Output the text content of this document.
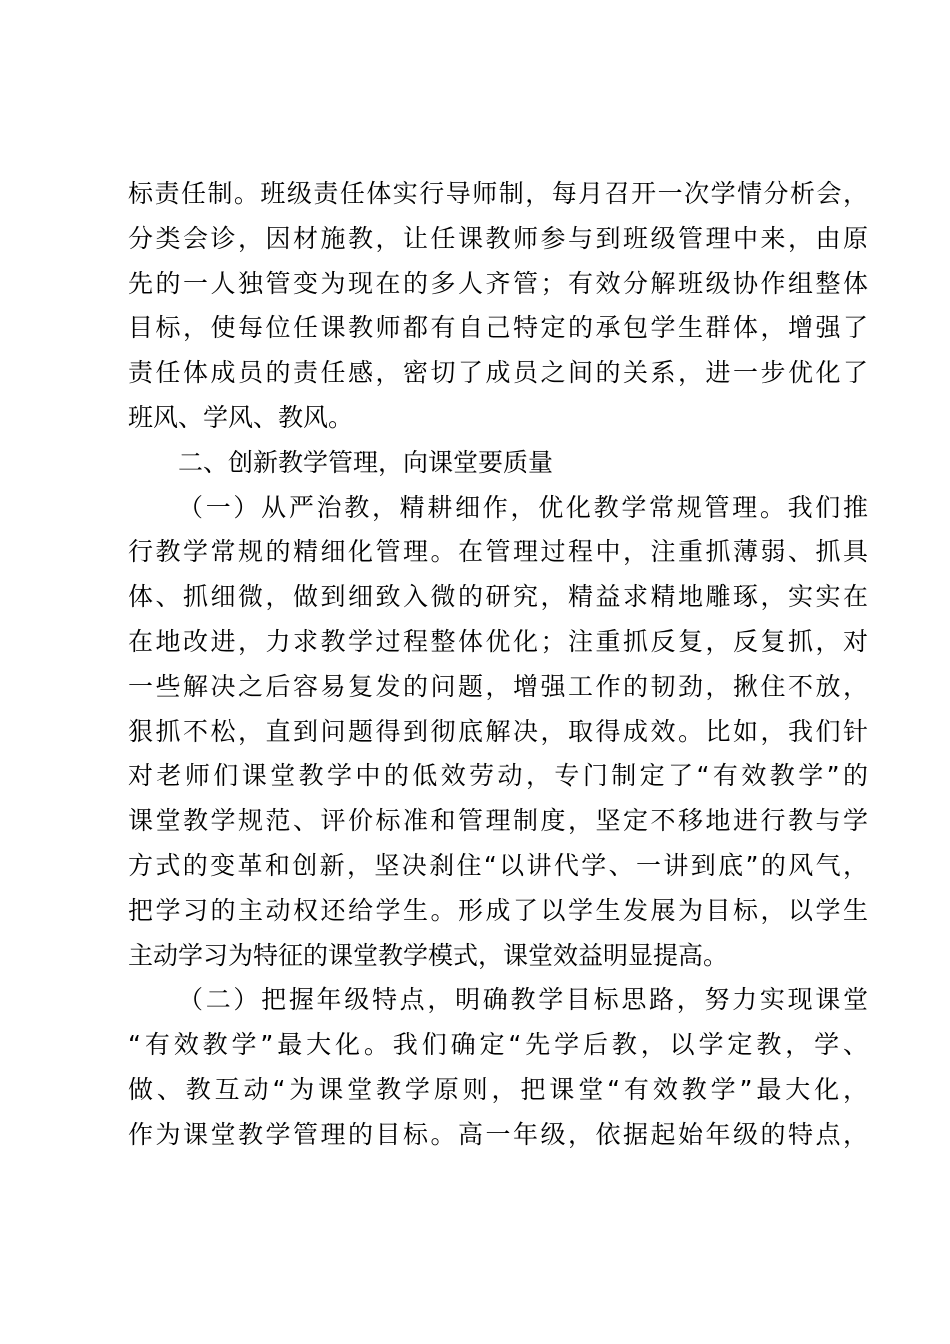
标责任制。班级责任体实行导师制，每月召开一次学情分析会，
分类会诊，因材施教，让任课教师参与到班级管理中来，由原
先的一人独管变为现在的多人齐管；有效分解班级协作组整体
目标，使每位任课教师都有自己特定的承包学生群体，增强了
责任体成员的责任感，密切了成员之间的关系，进一步优化了
班风、学风、教风。
二、创新教学管理，向课堂要质量
（一）从严治教，精耕细作，优化教学常规管理。我们推
行教学常规的精细化管理。在管理过程中，注重抓薄弱、抓具
体、抓细微，做到细致入微的研究，精益求精地雕琢，实实在
在地改进，力求教学过程整体优化；注重抓反复，反复抓，对
一些解决之后容易复发的问题，增强工作的韧劲，揪住不放，
狠抓不松，直到问题得到彻底解决，取得成效。比如，我们针
对老师们课堂教学中的低效劳动，专门制定了“有效教学”的
课堂教学规范、评价标准和管理制度，坚定不移地进行教与学
方式的变革和创新，坚决刹住“以讲代学、一讲到底”的风气，
把学习的主动权还给学生。形成了以学生发展为目标，以学生
主动学习为特征的课堂教学模式，课堂效益明显提高。
（二）把握年级特点，明确教学目标思路，努力实现课堂
“有效教学”最大化。我们确定“先学后教，以学定教，学、
做、教互动“为课堂教学原则，把课堂“有效教学”最大化，
作为课堂教学管理的目标。高一年级，依据起始年级的特点，
